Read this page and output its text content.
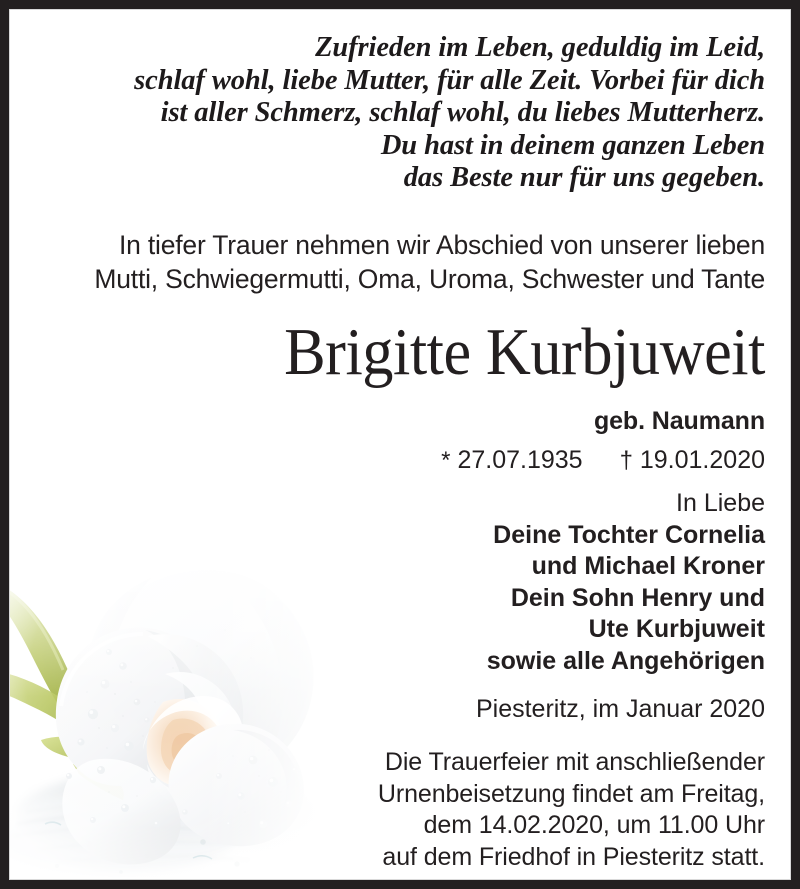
Zufrieden im Leben, geduldig im Leid,
schlaf wohl, liebe Mutter, für alle Zeit. Vorbei für dich
ist aller Schmerz, schlaf wohl, du liebes Mutterherz.
Du hast in deinem ganzen Leben
das Beste nur für uns gegeben.
In tiefer Trauer nehmen wir Abschied von unserer lieben
Mutti, Schwiegermutti, Oma, Uroma, Schwester und Tante
Brigitte Kurbjuweit
geb. Naumann
* 27.07.1935 † 19.01.2020
In Liebe
Deine Tochter Cornelia
und Michael Kroner
Dein Sohn Henry und
Ute Kurbjuweit
sowie alle Angehörigen
Piesteritz, im Januar 2020
Die Trauerfeier mit anschließender
Urnenbeisetzung findet am Freitag,
dem 14.02.2020, um 11.00 Uhr
auf dem Friedhof in Piesteritz statt.
